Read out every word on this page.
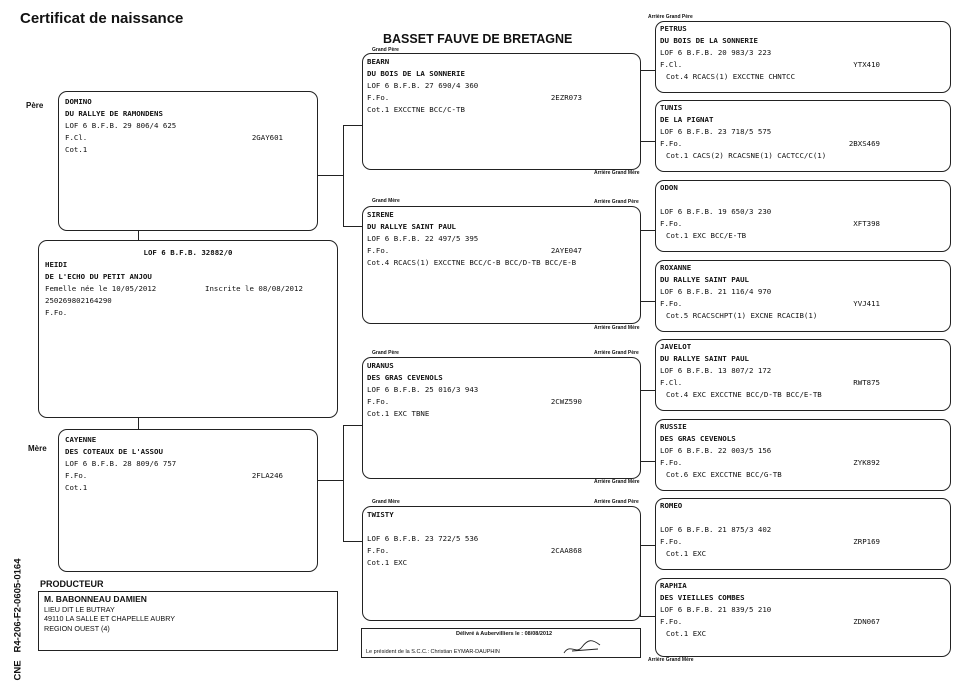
Certificat de naissance
BASSET FAUVE DE BRETAGNE
Père
Mère
CNE   R4-206-F2-0605-0164
DOMINO
DU RALLYE DE RAMONDENS
LOF 6 B.F.B. 29 806/4 625
F.Cl.	2GAY601
Cot.1
LOF 6 B.F.B. 32882/0
HEIDI
DE L'ECHO DU PETIT ANJOU
Femelle née le 10/05/2012	Inscrite le 08/08/2012
250269802164290
F.Fo.
CAYENNE
DES COTEAUX DE L'ASSOU
LOF 6 B.F.B. 28 809/6 757
F.Fo.	2FLA246
Cot.1
Grand Père
Grand Mère
Grand Père
Grand Mère
Arrière Grand Mère
Arrière Grand Père
Arrière Grand Mère
Arrière Grand Père
Arrière Grand Mère
Arrière Grand Père
Arrière Grand Père
Arrière Grand Mère
BEARN
DU BOIS DE LA SONNERIE
LOF 6 B.F.B. 27 690/4 360
F.Fo.	2EZR073
Cot.1 EXCCTNE BCC/C-TB
SIRENE
DU RALLYE SAINT PAUL
LOF 6 B.F.B. 22 497/5 395
F.Fo.	2AYE047
Cot.4 RCACS(1) EXCCTNE BCC/C-B BCC/D-TB BCC/E-B
URANUS
DES GRAS CEVENOLS
LOF 6 B.F.B. 25 016/3 943
F.Fo.	2CWZ590
Cot.1 EXC TBNE
TWISTY
LOF 6 B.F.B. 23 722/5 536
F.Fo.	2CAA868
Cot.1 EXC
PETRUS
DU BOIS DE LA SONNERIE
LOF 6 B.F.B. 20 983/3 223
F.Cl.	YTX410
Cot.4 RCACS(1) EXCCTNE CHNTCC
TUNIS
DE LA PIGNAT
LOF 6 B.F.B. 23 718/5 575
F.Fo.	2BXS469
Cot.1 CACS(2) RCACSNE(1) CACTCC/C(1)
ODON
LOF 6 B.F.B. 19 650/3 230
F.Fo.	XFT398
Cot.1 EXC BCC/E-TB
ROXANNE
DU RALLYE SAINT PAUL
LOF 6 B.F.B. 21 116/4 970
F.Fo.	YVJ411
Cot.5 RCACSCHPT(1) EXCNE RCACIB(1)
JAVELOT
DU RALLYE SAINT PAUL
LOF 6 B.F.B. 13 807/2 172
F.Cl.	RWT875
Cot.4 EXC EXCCTNE BCC/D-TB BCC/E-TB
RUSSIE
DES GRAS CEVENOLS
LOF 6 B.F.B. 22 003/5 156
F.Fo.	ZYK892
Cot.6 EXC EXCCTNE BCC/G-TB
ROMEO
LOF 6 B.F.B. 21 875/3 402
F.Fo.	ZRP169
Cot.1 EXC
RAPHIA
DES VIEILLES COMBES
LOF 6 B.F.B. 21 839/5 210
F.Fo.	ZDN067
Cot.1 EXC
PRODUCTEUR
M. BABONNEAU DAMIEN
LIEU DIT LE BUTRAY
49110 LA SALLE ET CHAPELLE AUBRY
REGION OUEST (4)
Délivré à Aubervilliers le : 08/08/2012
Le président de la S.C.C.: Christian EYMAR-DAUPHIN
